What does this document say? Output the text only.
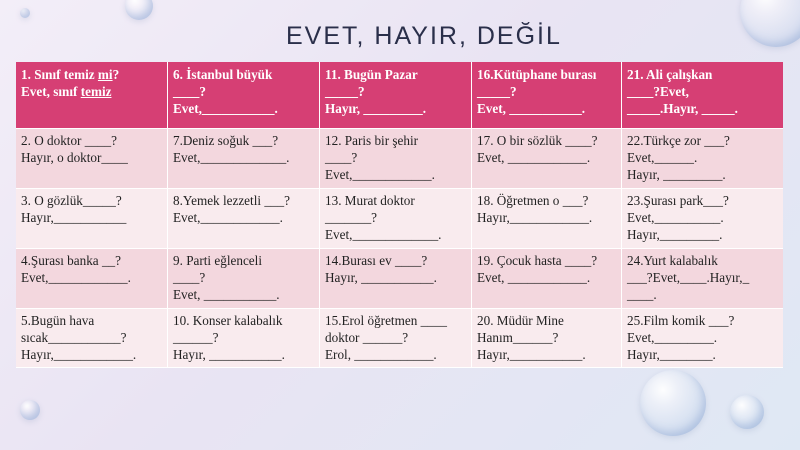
EVET, HAYIR, DEĞİL
1. Sınıf temiz mi?
Evet, sınıf temiz
6. İstanbul büyük
____?
Evet,___________.
11. Bugün Pazar
_____?
Hayır, _________.
16.Kütüphane burası
_____?
Evet, ___________.
21. Ali çalışkan
____?Evet,
_____.Hayır, _____.
2. O doktor ____?
Hayır, o doktor____
7.Deniz soğuk ___?
Evet,_____________.
12. Paris bir şehir
____?
Evet,____________.
17. O bir sözlük ____?
Evet, ____________.
22.Türkçe zor ___?
Evet,______.
Hayır, _________.
3. O gözlük_____?
Hayır,___________
8.Yemek lezzetli ___?
Evet,____________.
13. Murat doktor
_______?
Evet,_____________.
18. Öğretmen o ___?
Hayır,____________.
23.Şurası park___?
Evet,__________.
Hayır,_________.
4.Şurası banka __?
Evet,____________.
9. Parti eğlenceli
____?
Evet, ___________.
14.Burası ev ____?
Hayır, ___________.
19. Çocuk hasta ____?
Evet, ____________.
24.Yurt kalabalık
___?Evet,____.Hayır,_
____.
5.Bugün hava
sıcak___________?
Hayır,____________.
10. Konser kalabalık
______?
Hayır, ___________.
15.Erol öğretmen ____
doktor ______?
Erol, ____________.
20. Müdür Mine
Hanım______?
Hayır,___________.
25.Film komik ___?
Evet,_________.
Hayır,________.
